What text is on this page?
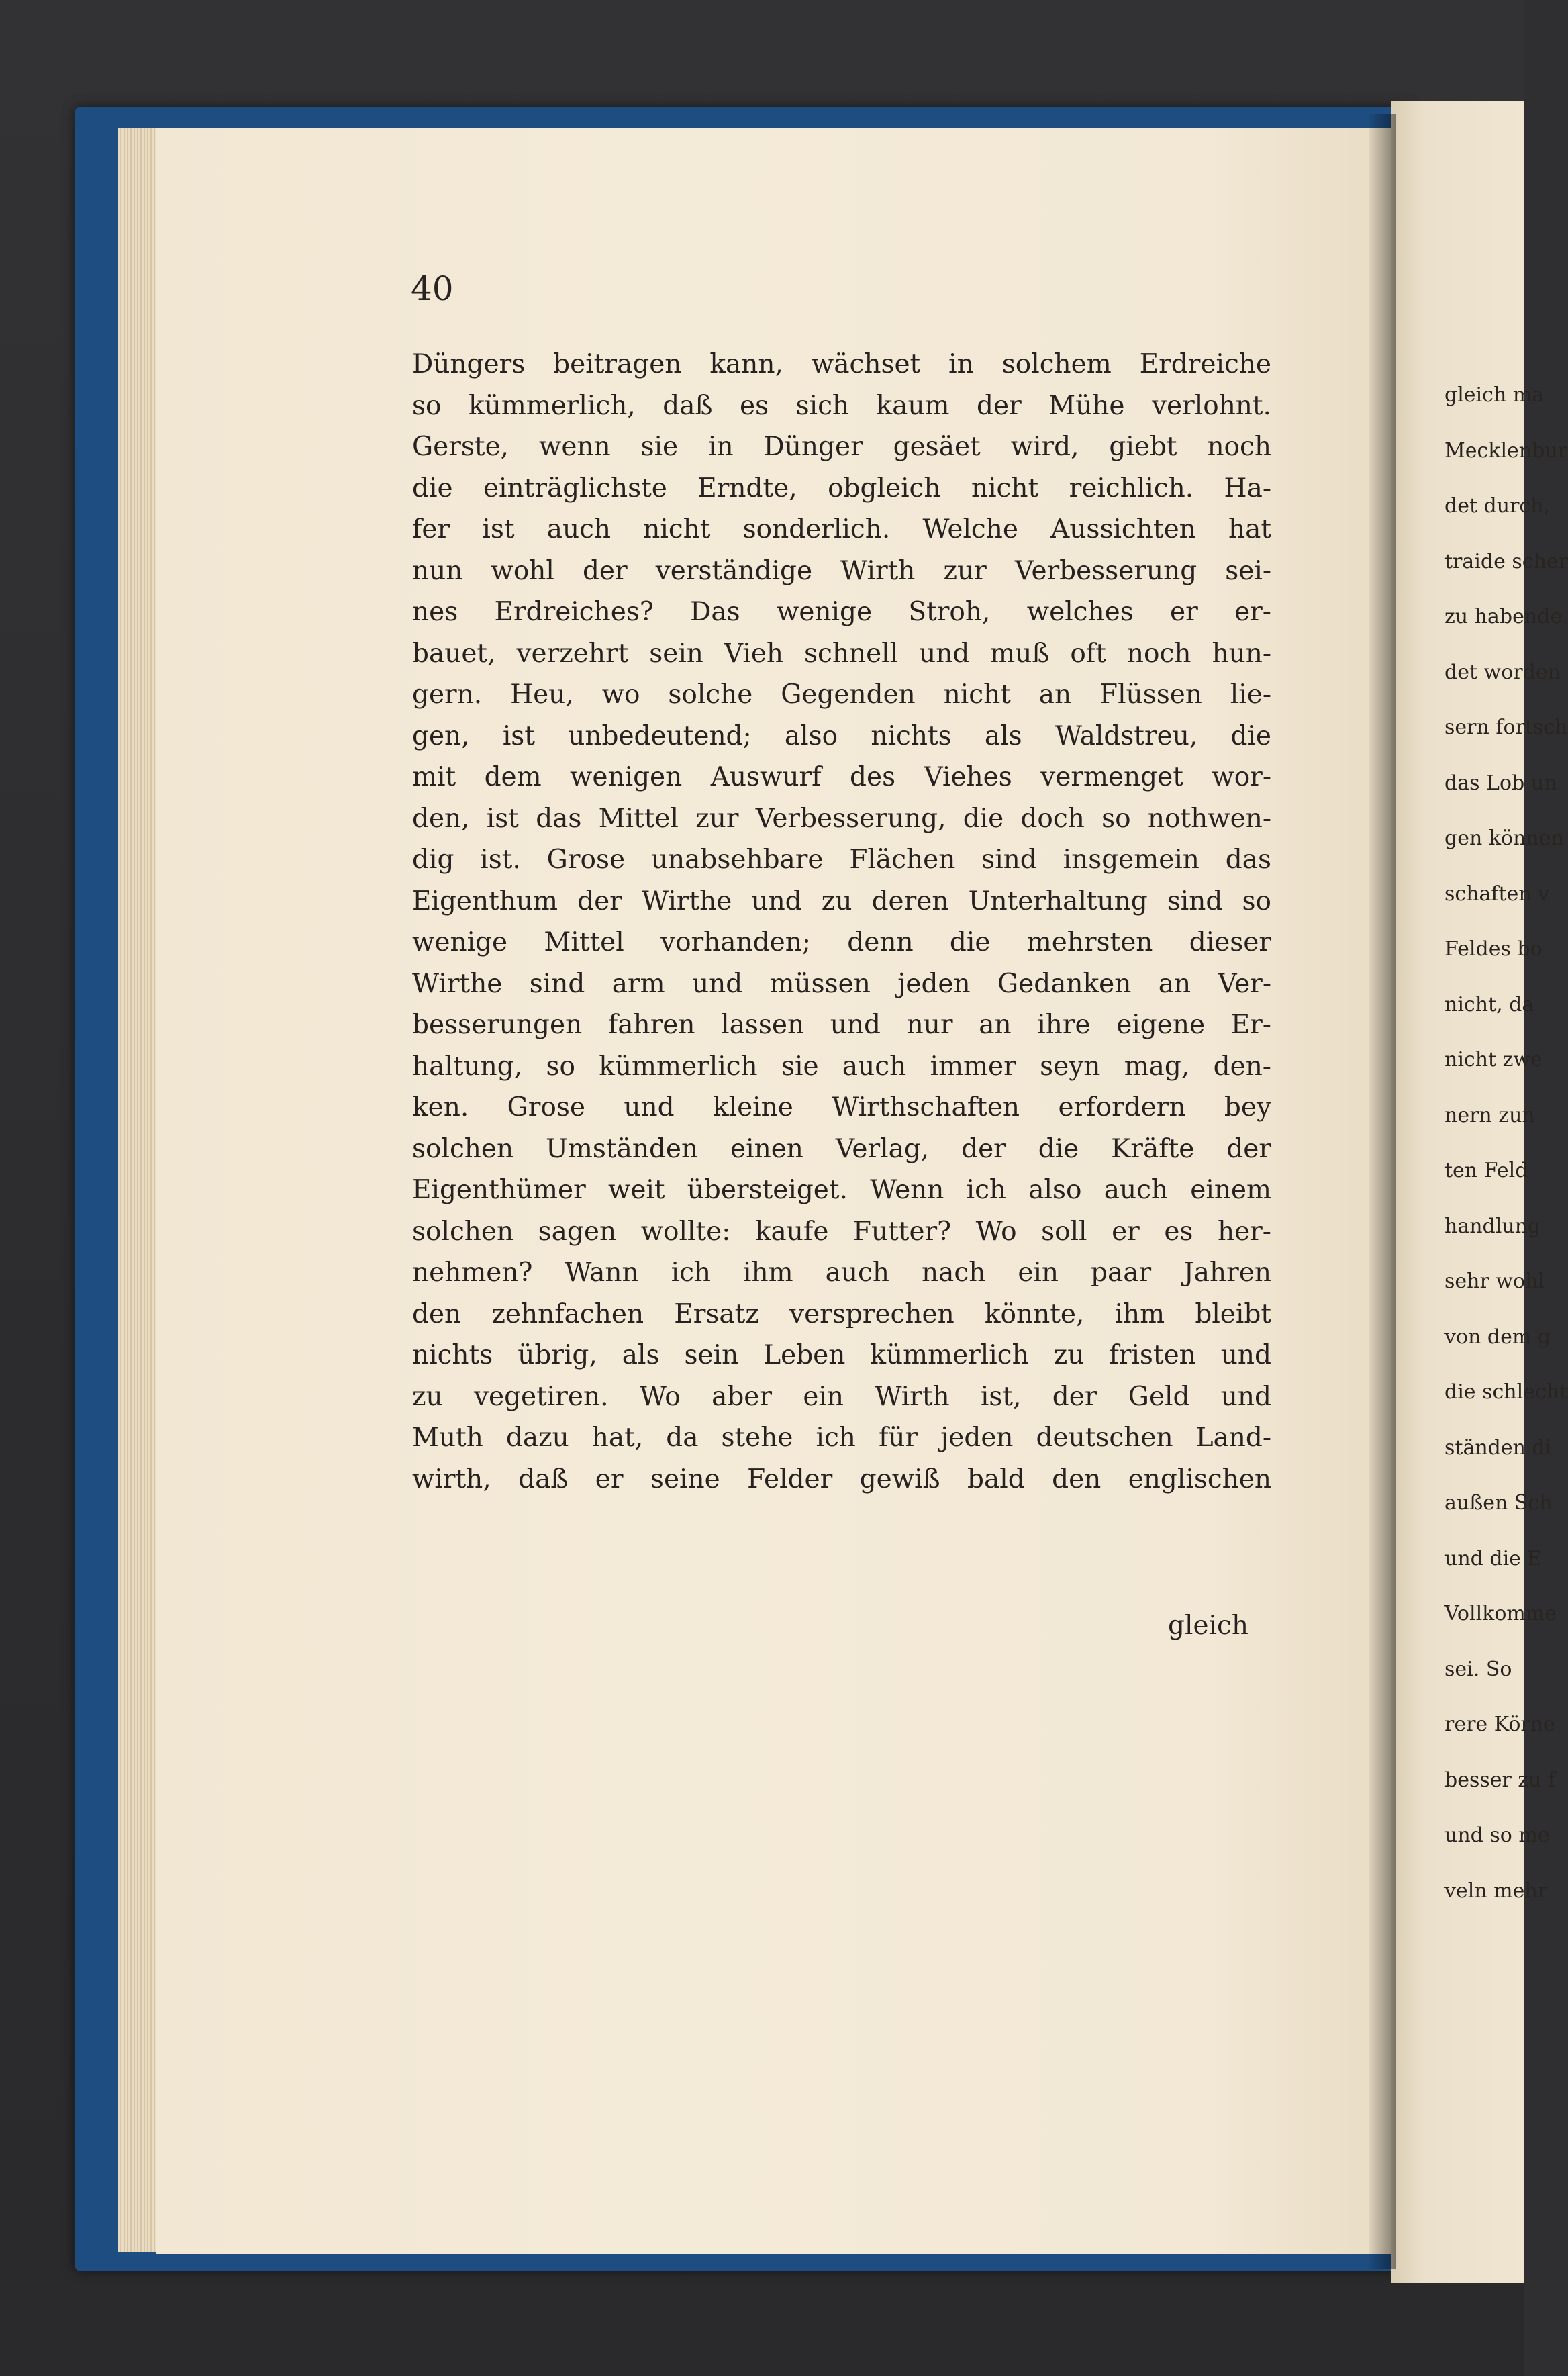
gleich ma
Mecklenbur
det durch,
traide scher
zu habende
det worden
sern fortsch
das Lob un
gen können
schaften v
Feldes bo
nicht, da
nicht zwe
nern zun
ten Feld
handlung
sehr wohl
von dem g
die schlecht
ständen di
außen Sch
und die E
Vollkomme
sei. So
rere Körne
besser zu f
und so me
veln mehr
40
Düngers beitragen kann, wächset in solchem Erdreiche
so kümmerlich, daß es sich kaum der Mühe verlohnt.
Gerste, wenn sie in Dünger gesäet wird, giebt noch
die einträglichste Erndte, obgleich nicht reichlich. Ha-
fer ist auch nicht sonderlich. Welche Aussichten hat
nun wohl der verständige Wirth zur Verbesserung sei-
nes Erdreiches? Das wenige Stroh, welches er er-
bauet, verzehrt sein Vieh schnell und muß oft noch hun-
gern. Heu, wo solche Gegenden nicht an Flüssen lie-
gen, ist unbedeutend; also nichts als Waldstreu, die
mit dem wenigen Auswurf des Viehes vermenget wor-
den, ist das Mittel zur Verbesserung, die doch so nothwen-
dig ist. Grose unabsehbare Flächen sind insgemein das
Eigenthum der Wirthe und zu deren Unterhaltung sind so
wenige Mittel vorhanden; denn die mehrsten dieser
Wirthe sind arm und müssen jeden Gedanken an Ver-
besserungen fahren lassen und nur an ihre eigene Er-
haltung, so kümmerlich sie auch immer seyn mag, den-
ken. Grose und kleine Wirthschaften erfordern bey
solchen Umständen einen Verlag, der die Kräfte der
Eigenthümer weit übersteiget. Wenn ich also auch einem
solchen sagen wollte: kaufe Futter? Wo soll er es her-
nehmen? Wann ich ihm auch nach ein paar Jahren
den zehnfachen Ersatz versprechen könnte, ihm bleibt
nichts übrig, als sein Leben kümmerlich zu fristen und
zu vegetiren. Wo aber ein Wirth ist, der Geld und
Muth dazu hat, da stehe ich für jeden deutschen Land-
wirth, daß er seine Felder gewiß bald den englischen
gleich
